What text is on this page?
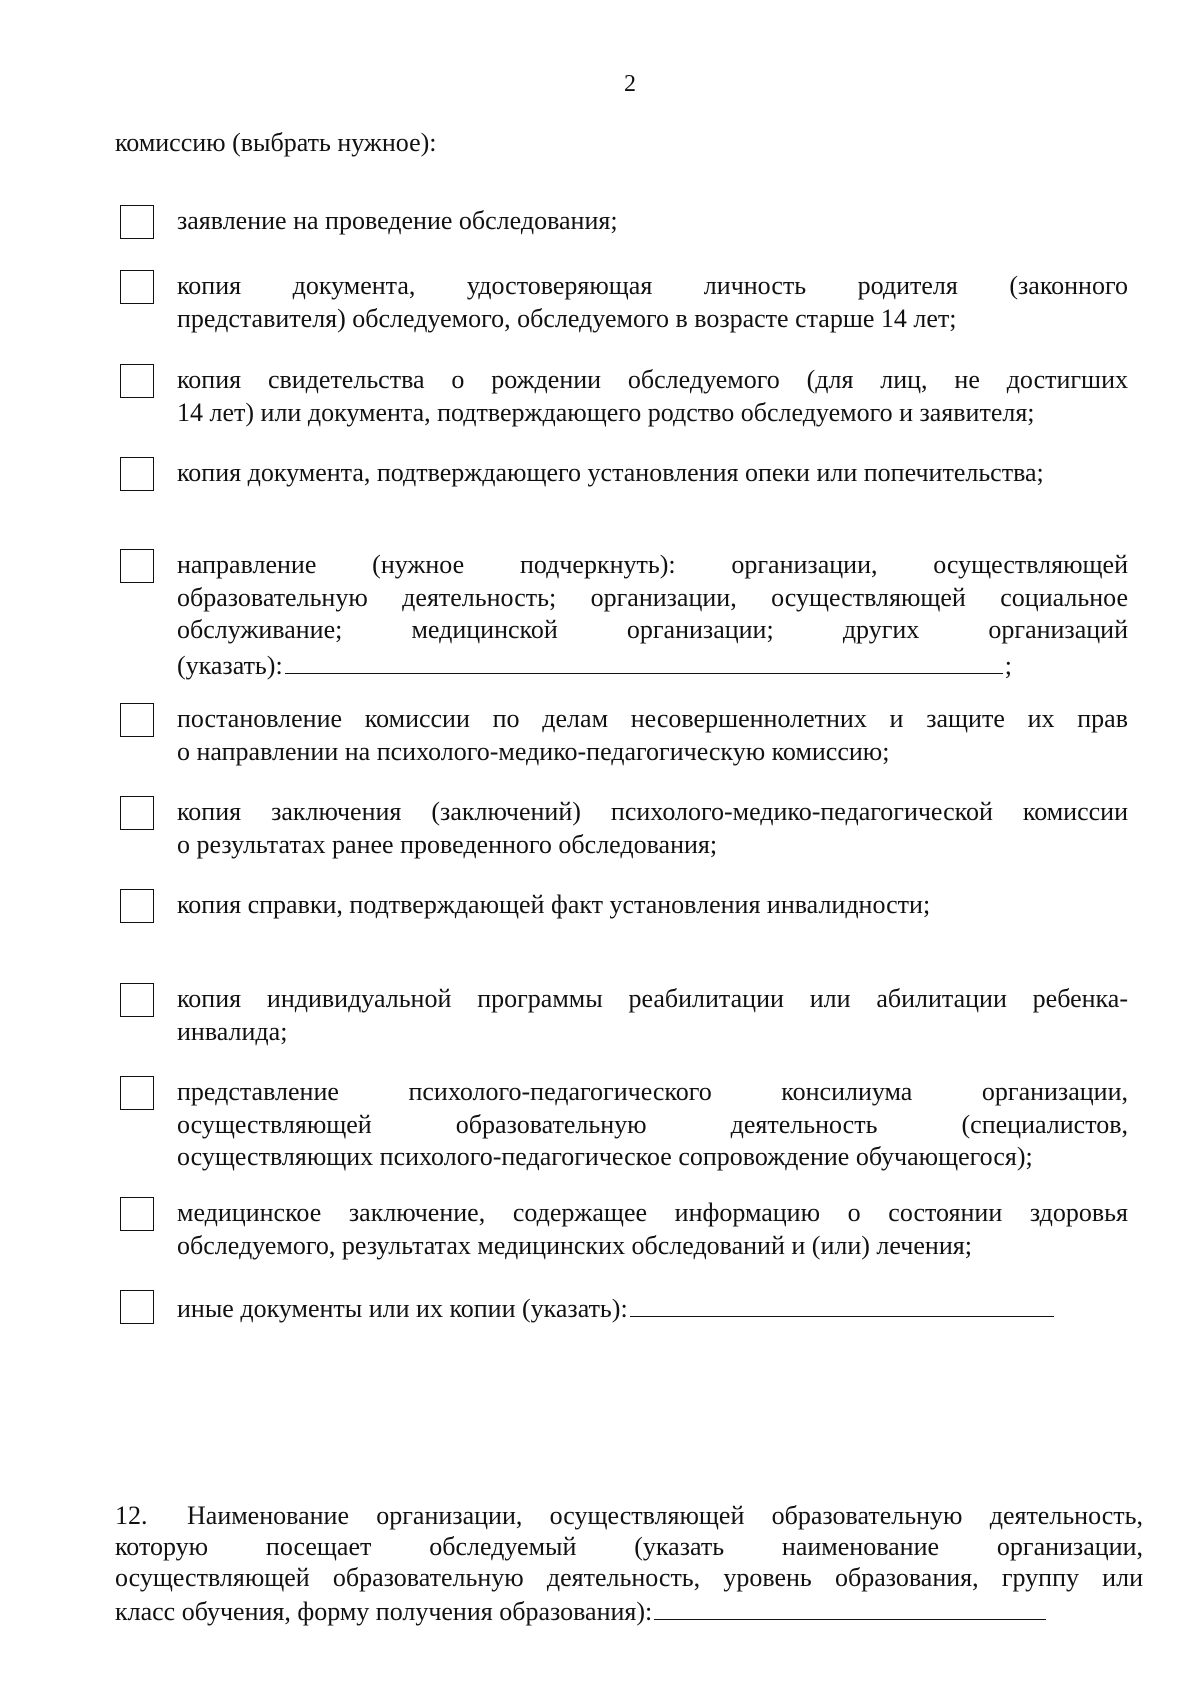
2
комиссию (выбрать нужное):

заявление на проведение обследования;

копия документа, удостоверяющая личность родителя (законного

представителя) обследуемого, обследуемого в возрасте старше 14 лет;

копия свидетельства о рождении обследуемого (для лиц, не достигших

14 лет) или документа, подтверждающего родство обследуемого и заявителя;

копия документа, подтверждающего установления опеки или попечительства;

направление (нужное подчеркнуть): организации, осуществляющей

образовательную деятельность; организации, осуществляющей социальное

обслуживание; медицинской организации; других организаций

(указать):	;

постановление комиссии по делам несовершеннолетних и защите их прав

о направлении на психолого-медико-педагогическую комиссию;

копия заключения (заключений) психолого-медико-педагогической комиссии

о результатах ранее проведенного обследования;

копия справки, подтверждающей факт установления инвалидности;

копия индивидуальной программы реабилитации или абилитации ребенка-

инвалида;

представление психолого-педагогического консилиума организации,

осуществляющей образовательную деятельность (специалистов,

осуществляющих психолого-педагогическое сопровождение обучающегося);

медицинское заключение, содержащее информацию о состоянии здоровья

обследуемого, результатах медицинских обследований и (или) лечения;

иные документы или их копии (указать):

12. Наименование организации, осуществляющей образовательную деятельность,

которую посещает обследуемый (указать наименование организации,

осуществляющей образовательную деятельность, уровень образования, группу или

класс обучения, форму получения образования):
